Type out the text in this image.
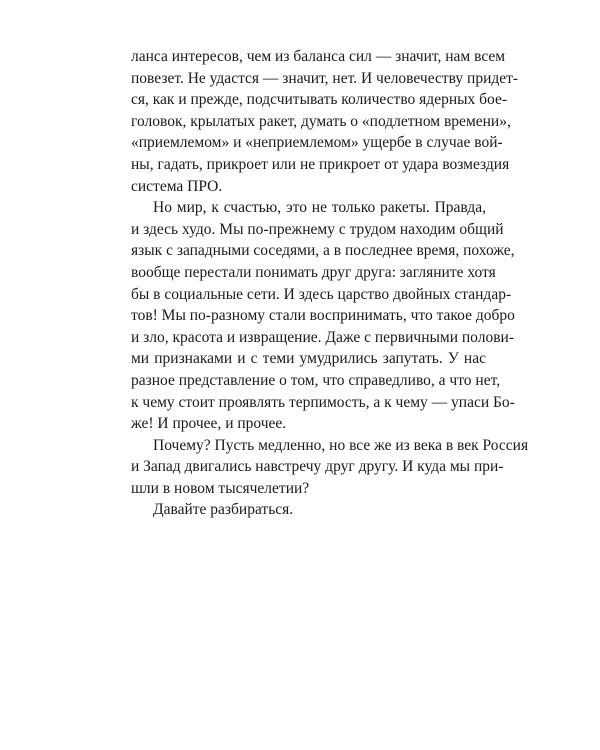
ланса интересов, чем из баланса сил — значит, нам всем
повезет. Не удастся — значит, нет. И человечеству придет-
ся, как и прежде, подсчитывать количество ядерных бое-
головок, крылатых ракет, думать о «подлетном времени»,
«приемлемом» и «неприемлемом» ущербе в случае вой-
ны, гадать, прикроет или не прикроет от удара возмездия
система ПРО.
Но мир, к счастью, это не только ракеты. Правда,
и здесь худо. Мы по-прежнему с трудом находим общий
язык с западными соседями, а в последнее время, похоже,
вообще перестали понимать друг друга: загляните хотя
бы в социальные сети. И здесь царство двойных стандар-
тов! Мы по-разному стали воспринимать, что такое добро
и зло, красота и извращение. Даже с первичными полови-
ми признаками и с теми умудрились запутать. У нас
разное представление о том, что справедливо, а что нет,
к чему стоит проявлять терпимость, а к чему — упаси Бо-
же! И прочее, и прочее.
Почему? Пусть медленно, но все же из века в век Россия
и Запад двигались навстречу друг другу. И куда мы при-
шли в новом тысячелетии?
Давайте разбираться.
